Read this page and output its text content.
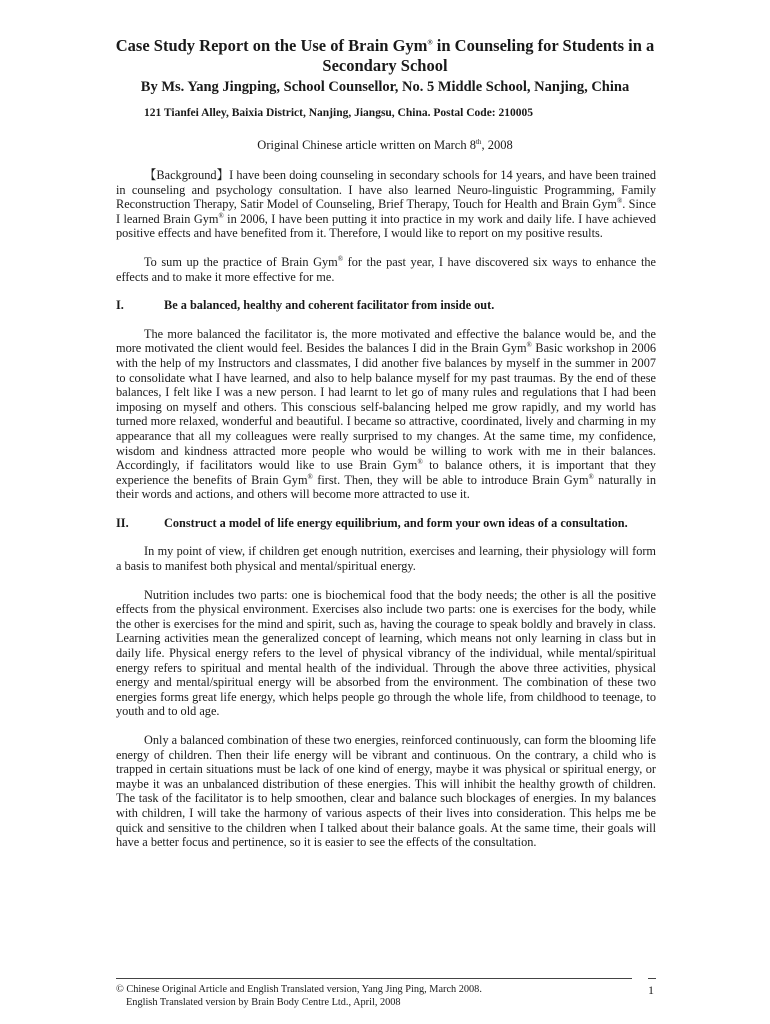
Case Study Report on the Use of Brain Gym® in Counseling for Students in a Secondary School
By Ms. Yang Jingping, School Counsellor, No. 5 Middle School, Nanjing, China
121 Tianfei Alley, Baixia District, Nanjing, Jiangsu, China. Postal Code: 210005
Original Chinese article written on March 8th, 2008

【Background】I have been doing counseling in secondary schools for 14 years, and have been trained in counseling and psychology consultation. I have also learned Neuro-linguistic Programming, Family Reconstruction Therapy, Satir Model of Counseling, Brief Therapy, Touch for Health and Brain Gym®. Since I learned Brain Gym® in 2006, I have been putting it into practice in my work and daily life. I have achieved positive effects and have benefited from it. Therefore, I would like to report on my positive results.

To sum up the practice of Brain Gym® for the past year, I have discovered six ways to enhance the effects and to make it more effective for me.

I.	Be a balanced, healthy and coherent facilitator from inside out.

The more balanced the facilitator is, the more motivated and effective the balance would be, and the more motivated the client would feel. Besides the balances I did in the Brain Gym® Basic workshop in 2006 with the help of my Instructors and classmates, I did another five balances by myself in the summer in 2007 to consolidate what I have learned, and also to help balance myself for my past traumas. By the end of these balances, I felt like I was a new person. I had learnt to let go of many rules and regulations that I had been imposing on myself and others. This conscious self-balancing helped me grow rapidly, and my world has turned more relaxed, wonderful and beautiful. I became so attractive, coordinated, lively and charming in my appearance that all my colleagues were really surprised to my changes. At the same time, my confidence, wisdom and kindness attracted more people who would be willing to work with me in their balances. Accordingly, if facilitators would like to use Brain Gym® to balance others, it is important that they experience the benefits of Brain Gym® first. Then, they will be able to introduce Brain Gym® naturally in their words and actions, and others will become more attracted to use it.

II.	Construct a model of life energy equilibrium, and form your own ideas of a consultation.

In my point of view, if children get enough nutrition, exercises and learning, their physiology will form a basis to manifest both physical and mental/spiritual energy.

Nutrition includes two parts: one is biochemical food that the body needs; the other is all the positive effects from the physical environment. Exercises also include two parts: one is exercises for the body, while the other is exercises for the mind and spirit, such as, having the courage to speak boldly and bravely in class. Learning activities mean the generalized concept of learning, which means not only learning in class but in daily life. Physical energy refers to the level of physical vibrancy of the individual, while mental/spiritual energy refers to spiritual and mental health of the individual. Through the above three activities, physical energy and mental/spiritual energy will be absorbed from the environment. The combination of these two energies forms great life energy, which helps people go through the whole life, from childhood to teenage, to youth and to old age.

Only a balanced combination of these two energies, reinforced continuously, can form the blooming life energy of children. Then their life energy will be vibrant and continuous. On the contrary, a child who is trapped in certain situations must be lack of one kind of energy, maybe it was physical or spiritual energy, or maybe it was an unbalanced distribution of these energies. This will inhibit the healthy growth of children. The task of the facilitator is to help smoothen, clear and balance such blockages of energies. In my balances with children, I will take the harmony of various aspects of their lives into consideration. This helps me be quick and sensitive to the children when I talked about their balance goals. At the same time, their goals will have a better focus and pertinence, so it is easier to see the effects of the consultation.

© Chinese Original Article and English Translated version, Yang Jing Ping, March 2008.
English Translated version by Brain Body Centre Ltd., April, 2008
1
